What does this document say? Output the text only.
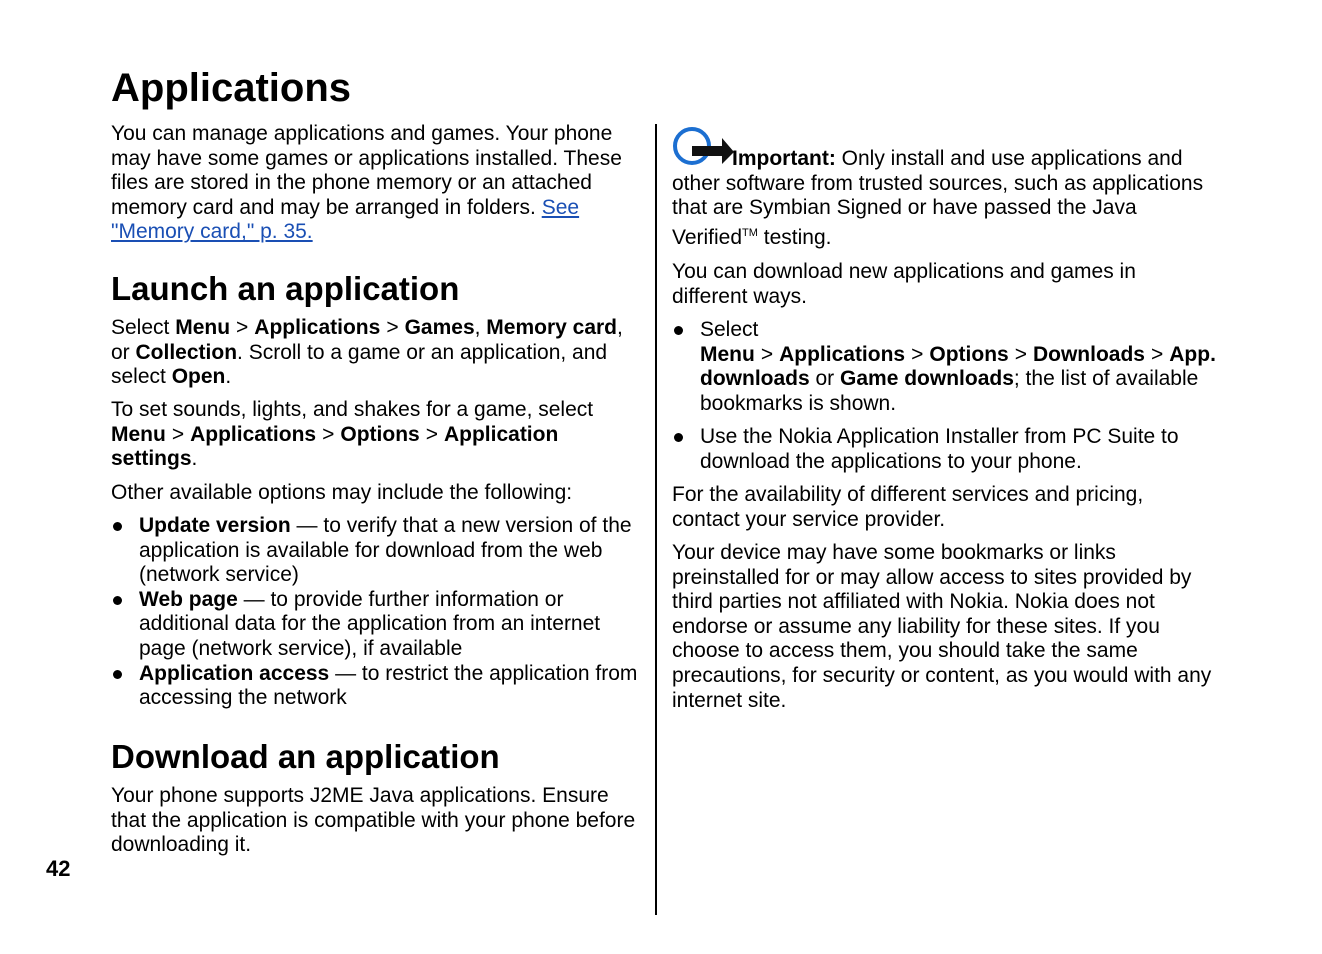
Applications

You can manage applications and games. Your phone may have some games or applications installed. These files are stored in the phone memory or an attached memory card and may be arranged in folders. See "Memory card," p. 35.

Launch an application

Select Menu > Applications > Games, Memory card, or Collection. Scroll to a game or an application, and select Open.

To set sounds, lights, and shakes for a game, select Menu > Applications > Options > Application settings.

Other available options may include the following:

Update version — to verify that a new version of the application is available for download from the web (network service)
Web page — to provide further information or additional data for the application from an internet page (network service), if available
Application access — to restrict the application from accessing the network
Download an application

Your phone supports J2ME Java applications. Ensure that the application is compatible with your phone before downloading it.

Important: Only install and use applications and other software from trusted sources, such as applications that are Symbian Signed or have passed the Java Verified™ testing.

You can download new applications and games in different ways.

Select Menu > Applications > Options > Downloads > App. downloads or Game downloads; the list of available bookmarks is shown.
Use the Nokia Application Installer from PC Suite to download the applications to your phone.

For the availability of different services and pricing, contact your service provider.

Your device may have some bookmarks or links preinstalled for or may allow access to sites provided by third parties not affiliated with Nokia. Nokia does not endorse or assume any liability for these sites. If you choose to access them, you should take the same precautions, for security or content, as you would with any internet site.

42
